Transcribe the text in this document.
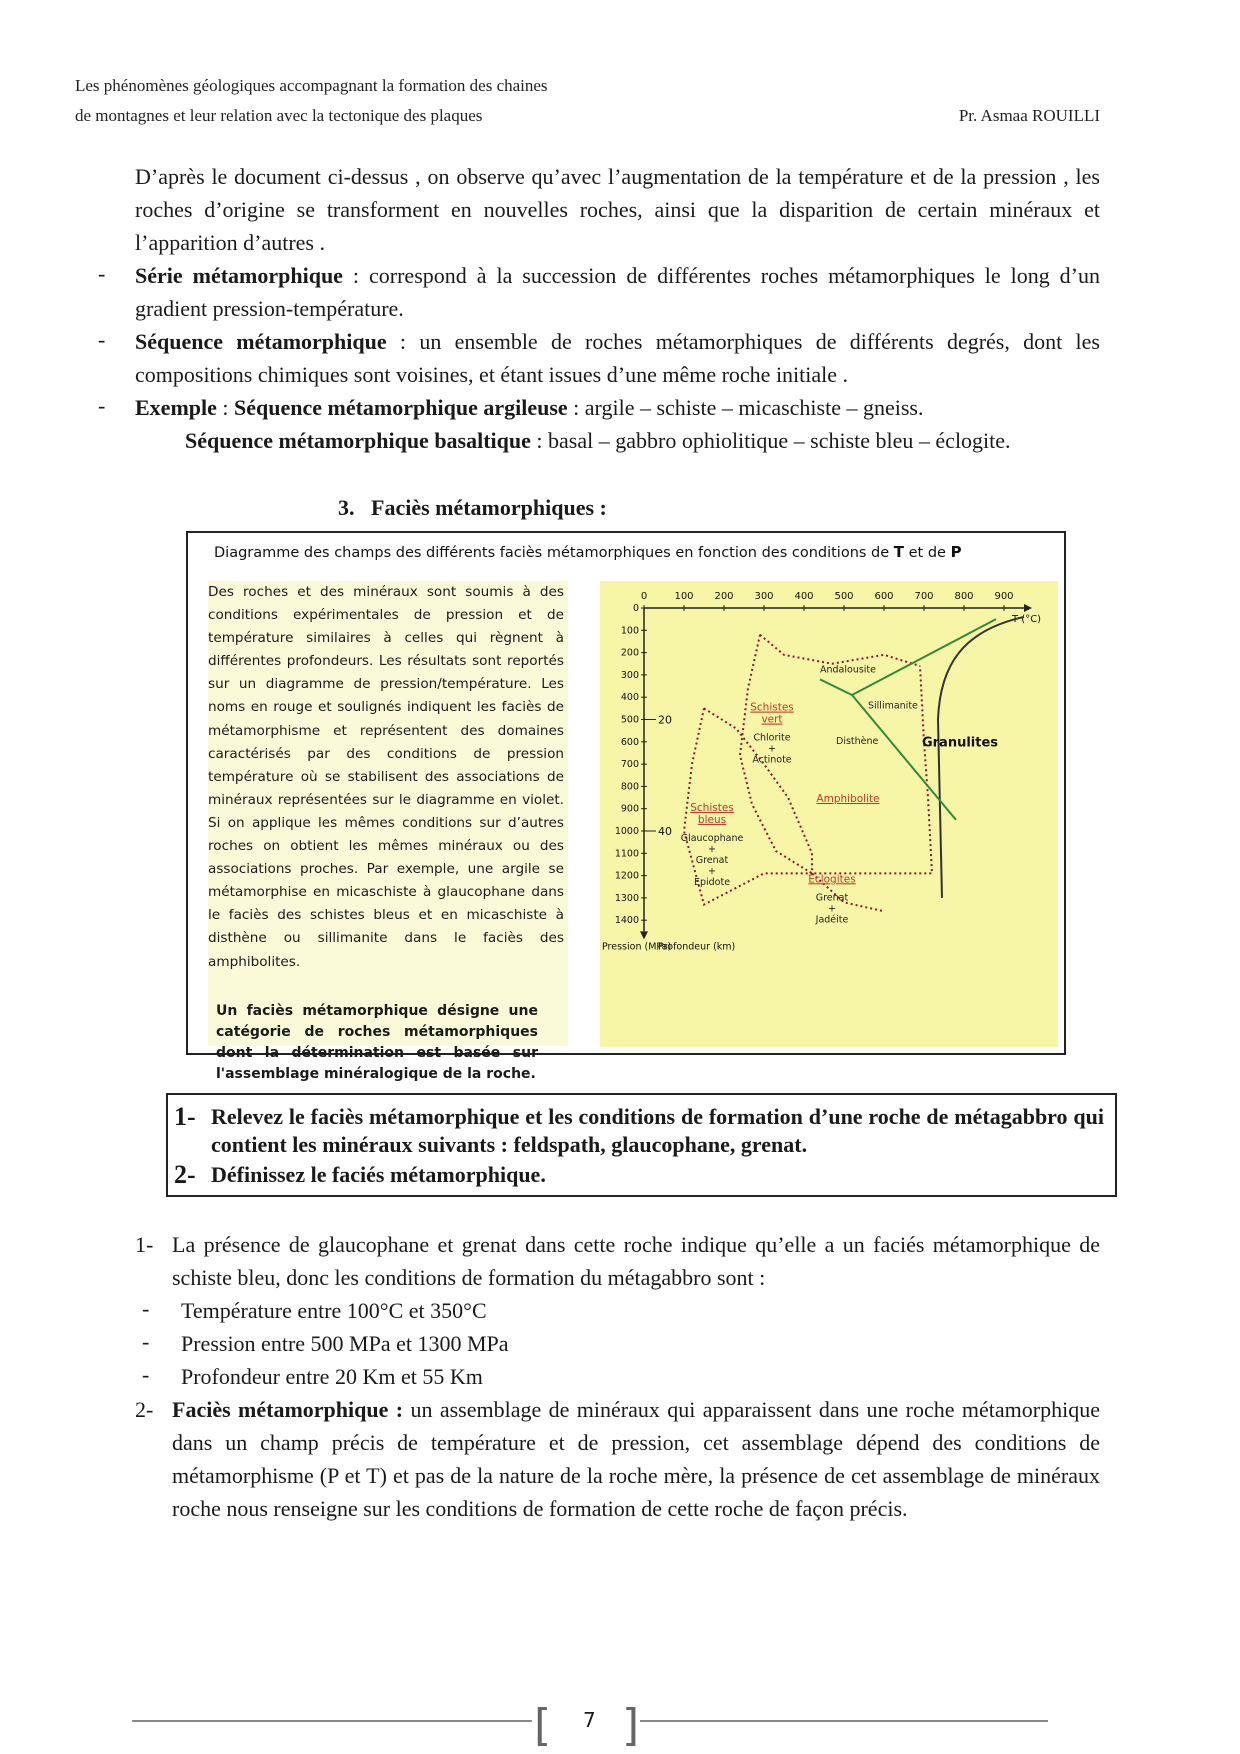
Les phénomènes géologiques accompagnant la formation des chaines
de montagnes et leur relation avec la tectonique des plaques	Pr. Asmaa ROUILLI
D’après le document ci-dessus , on observe qu’avec l’augmentation de la température et de la pression , les roches d’origine se transforment en nouvelles roches, ainsi que la disparition de certain minéraux et l’apparition d’autres .
- Série métamorphique : correspond à la succession de différentes roches métamorphiques le long d’un gradient pression-température.
- Séquence métamorphique : un ensemble de roches métamorphiques de différents degrés, dont les compositions chimiques sont voisines, et étant issues d’une même roche initiale .
- Exemple : Séquence métamorphique argileuse : argile – schiste – micaschiste – gneiss.
Séquence métamorphique basaltique : basal – gabbro ophiolitique – schiste bleu – éclogite.
3. Faciès métamorphiques :
Diagramme des champs des différents faciès métamorphiques en fonction des conditions de T et de P
Des roches et des minéraux sont soumis à des conditions expérimentales de pression et de température similaires à celles qui règnent à différentes profondeurs. Les résultats sont reportés sur un diagramme de pression/température. Les noms en rouge et soulignés indiquent les faciès de métamorphisme et représentent des domaines caractérisés par des conditions de pression température où se stabilisent des associations de minéraux représentées sur le diagramme en violet. Si on applique les mêmes conditions sur d’autres roches on obtient les mêmes minéraux ou des associations proches. Par exemple, une argile se métamorphise en micaschiste à glaucophane dans le faciès des schistes bleus et en micaschiste à disthène ou sillimanite dans le faciès des amphibolites.
Un faciès métamorphique désigne une catégorie de roches métamorphiques dont la détermination est basée sur l'assemblage minéralogique de la roche.
0	100 200 300 400 500 600 700 800 900
T (°C)
0
100
200
300
400
500
600
700
800
900
1000
1100
1200
1300
1400
20
40
Pression (MPa)
Profondeur (km)
Andalousite
Sillimanite
Disthène
Schistes
vert
Chlorite
+
Actinote
Schistes
bleus
Glaucophane
+
Grenat
+
Epidote	Eclogites
Grenat
+
Jadéite
Amphibolite
Granulites
1- Relevez le faciès métamorphique et les conditions de formation d’une roche de métagabbro qui contient les minéraux suivants : feldspath, glaucophane, grenat.
2- Définissez le faciés métamorphique.
1- La présence de glaucophane et grenat dans cette roche indique qu’elle a un faciés métamorphique de schiste bleu, donc les conditions de formation du métagabbro sont :
- Température entre 100°C et 350°C
- Pression entre 500 MPa et 1300 MPa
- Profondeur entre 20 Km et 55 Km
2- Faciès métamorphique : un assemblage de minéraux qui apparaissent dans une roche métamorphique dans un champ précis de température et de pression, cet assemblage dépend des conditions de métamorphisme (P et T) et pas de la nature de la roche mère, la présence de cet assemblage de minéraux roche nous renseigne sur les conditions de formation de cette roche de façon précis.
[ ]
7
